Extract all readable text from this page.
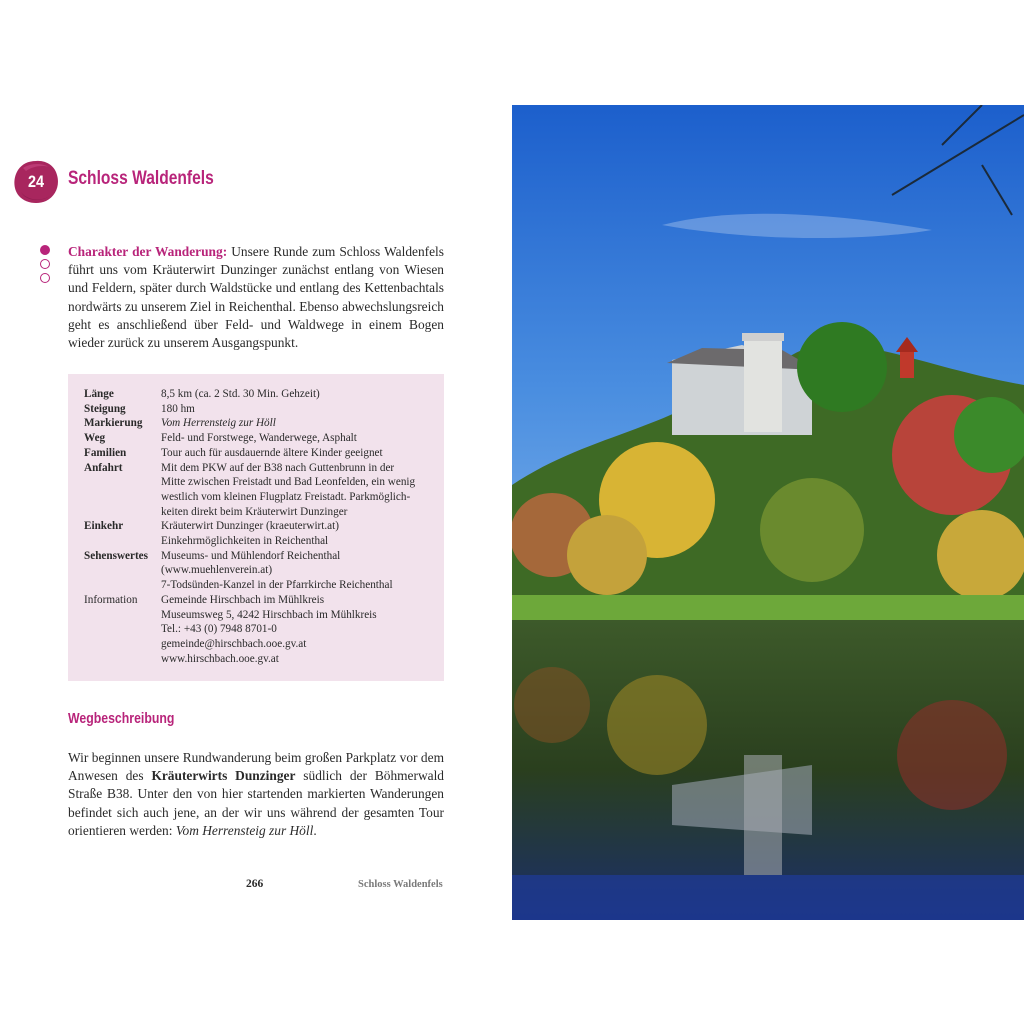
24	Schloss Waldenfels
Charakter der Wanderung: Unsere Runde zum Schloss Waldenfels führt uns vom Kräuterwirt Dunzinger zunächst entlang von Wiesen und Feldern, später durch Waldstücke und entlang des Kettenbachtals nordwärts zu unserem Ziel in Reichenthal. Ebenso abwechslungsreich geht es anschließend über Feld- und Waldwege in einem Bogen wieder zurück zu unserem Ausgangspunkt.
Länge	8,5 km (ca. 2 Std. 30 Min. Gehzeit)
Steigung	180 hm
Markierung	Vom Herrensteig zur Höll
Weg	Feld- und Forstwege, Wanderwege, Asphalt
Familien	Tour auch für ausdauernde ältere Kinder geeignet
Anfahrt	Mit dem PKW auf der B38 nach Guttenbrunn in der
Mitte zwischen Freistadt und Bad Leonfelden, ein wenig
westlich vom kleinen Flugplatz Freistadt. Parkmöglich-
keiten direkt beim Kräuterwirt Dunzinger

Einkehr	Kräuterwirt Dunzinger (kraeuterwirt.at)
Einkehrmöglichkeiten in Reichenthal

Sehenswertes	Museums- und Mühlendorf Reichenthal
(www.muehlenverein.at)
7-Todsünden-Kanzel in der Pfarrkirche Reichenthal

Information	Gemeinde Hirschbach im Mühlkreis
Museumsweg 5, 4242 Hirschbach im Mühlkreis
Tel.: +43 (0) 7948 8701-0
gemeinde@hirschbach.ooe.gv.at
www.hirschbach.ooe.gv.at
Wegbeschreibung
Wir beginnen unsere Rundwanderung beim großen Parkplatz vor dem Anwesen des Kräuterwirts Dunzinger südlich der Böhmerwald Straße B38. Unter den von hier startenden markierten Wanderungen befindet sich auch jene, an der wir uns während der gesamten Tour orientieren werden: Vom Herrensteig zur Höll.
266	Schloss Waldenfels
